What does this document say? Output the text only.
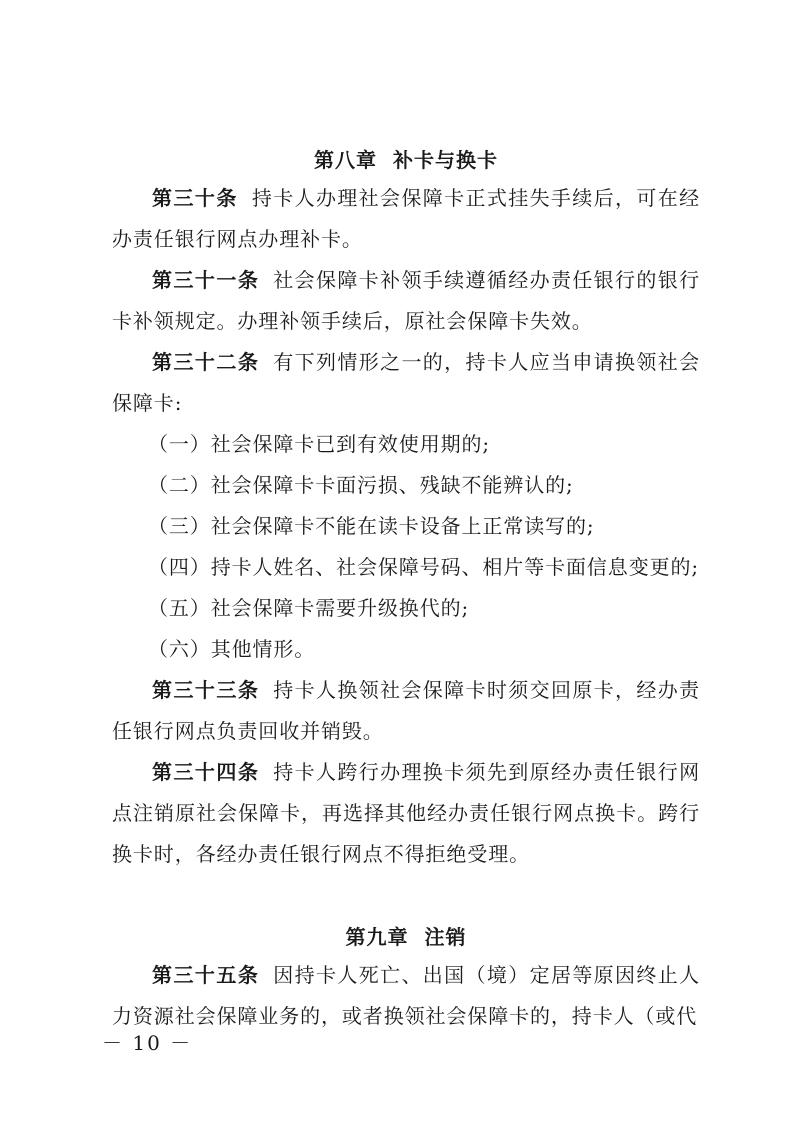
第八章 补卡与换卡

第三十条 持卡人办理社会保障卡正式挂失手续后，可在经办责任银行网点办理补卡。

第三十一条 社会保障卡补领手续遵循经办责任银行的银行卡补领规定。办理补领手续后，原社会保障卡失效。

第三十二条 有下列情形之一的，持卡人应当申请换领社会保障卡:

（一）社会保障卡已到有效使用期的;

（二）社会保障卡卡面污损、残缺不能辨认的;

（三）社会保障卡不能在读卡设备上正常读写的;

（四）持卡人姓名、社会保障号码、相片等卡面信息变更的;

（五）社会保障卡需要升级换代的;

（六）其他情形。

第三十三条 持卡人换领社会保障卡时须交回原卡，经办责任银行网点负责回收并销毁。

第三十四条 持卡人跨行办理换卡须先到原经办责任银行网点注销原社会保障卡，再选择其他经办责任银行网点换卡。跨行换卡时，各经办责任银行网点不得拒绝受理。

第九章 注销

第三十五条 因持卡人死亡、出国（境）定居等原因终止人力资源社会保障业务的，或者换领社会保障卡的，持卡人（或代

－ 10 －
